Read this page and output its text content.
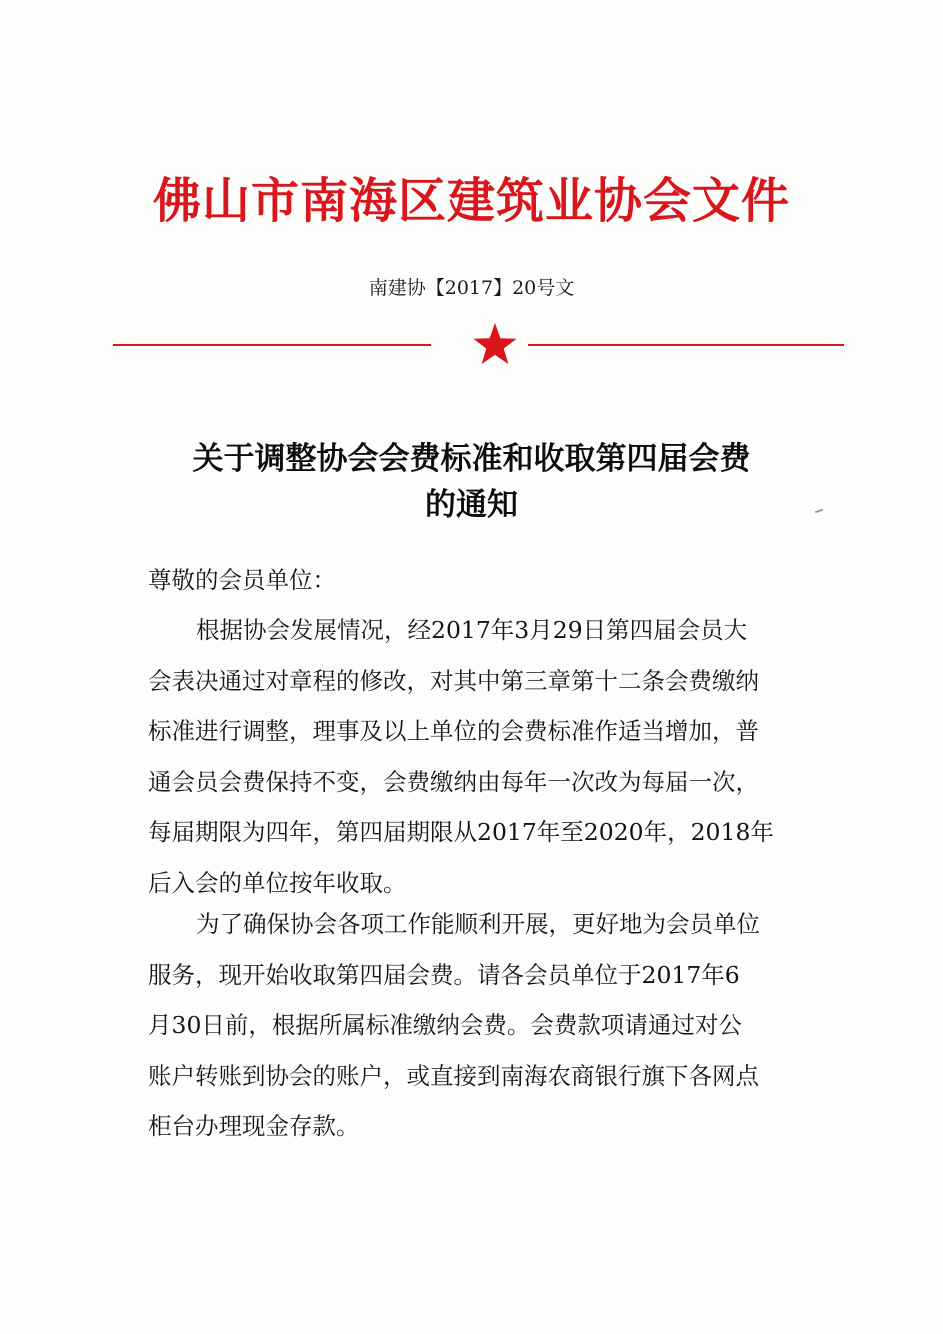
佛山市南海区建筑业协会文件
南建协【2017】20号文
关于调整协会会费标准和收取第四届会费
的通知
尊敬的会员单位：
根据协会发展情况，经2017年3月29日第四届会员大
会表决通过对章程的修改，对其中第三章第十二条会费缴纳
标准进行调整，理事及以上单位的会费标准作适当增加，普
通会员会费保持不变，会费缴纳由每年一次改为每届一次，
每届期限为四年，第四届期限从2017年至2020年，2018年
后入会的单位按年收取。
为了确保协会各项工作能顺利开展，更好地为会员单位
服务，现开始收取第四届会费。请各会员单位于2017年6
月30日前，根据所属标准缴纳会费。会费款项请通过对公
账户转账到协会的账户，或直接到南海农商银行旗下各网点
柜台办理现金存款。
